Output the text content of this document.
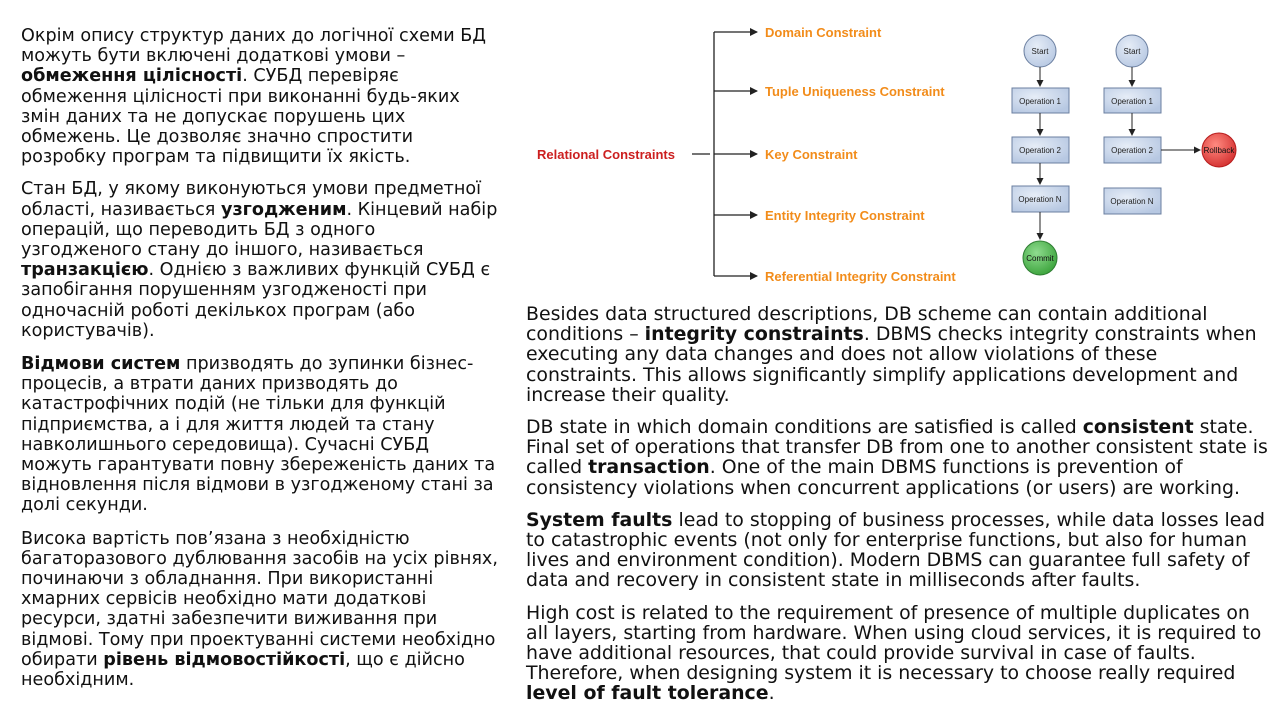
Окрім опису структур даних до логічної схеми БД можуть бути включені додаткові умови – обмеження цілісності. СУБД перевіряє обмеження цілісності при виконанні будь-яких змін даних та не допускає порушень цих обмежень. Це дозволяє значно спростити розробку програм та підвищити їх якість.

Стан БД, у якому виконуються умови предметної області, називається узгодженим. Кінцевий набір операцій, що переводить БД з одного узгодженого стану до іншого, називається транзакцією. Однією з важливих функцій СУБД є запобігання порушенням узгодженості при одночасній роботі декількох програм (або користувачів).

Відмови систем призводять до зупинки бізнес-процесів, а втрати даних призводять до катастрофічних подій (не тільки для функцій підприємства, а і для життя людей та стану навколишнього середовища). Сучасні СУБД можуть гарантувати повну збереженість даних та відновлення після відмови в узгодженому стані за долі секунди.

Висока вартість пов’язана з необхідністю багаторазового дублювання засобів на усіх рівнях, починаючи з обладнання. При використанні хмарних сервісів необхідно мати додаткові ресурси, здатні забезпечити виживання при відмові. Тому при проектуванні системи необхідно обирати рівень відмовостійкості, що є дійсно необхідним.

Relational Constraints
Domain Constraint
Tuple Uniqueness Constraint
Key Constraint
Entity Integrity Constraint
Referential Integrity Constraint
Start
Operation 1
Operation 2
Operation N
Commit
Start
Operation 1
Operation 2	Rollback
Operation N

Besides data structured descriptions, DB scheme can contain additional conditions – integrity constraints. DBMS checks integrity constraints when executing any data changes and does not allow violations of these constraints. This allows significantly simplify applications development and increase their quality.

DB state in which domain conditions are satisfied is called consistent state. Final set of operations that transfer DB from one to another consistent state is called transaction. One of the main DBMS functions is prevention of consistency violations when concurrent applications (or users) are working.

System faults lead to stopping of business processes, while data losses lead to catastrophic events (not only for enterprise functions, but also for human lives and environment condition). Modern DBMS can guarantee full safety of data and recovery in consistent state in milliseconds after faults.

High cost is related to the requirement of presence of multiple duplicates on all layers, starting from hardware. When using cloud services, it is required to have additional resources, that could provide survival in case of faults. Therefore, when designing system it is necessary to choose really required level of fault tolerance.
